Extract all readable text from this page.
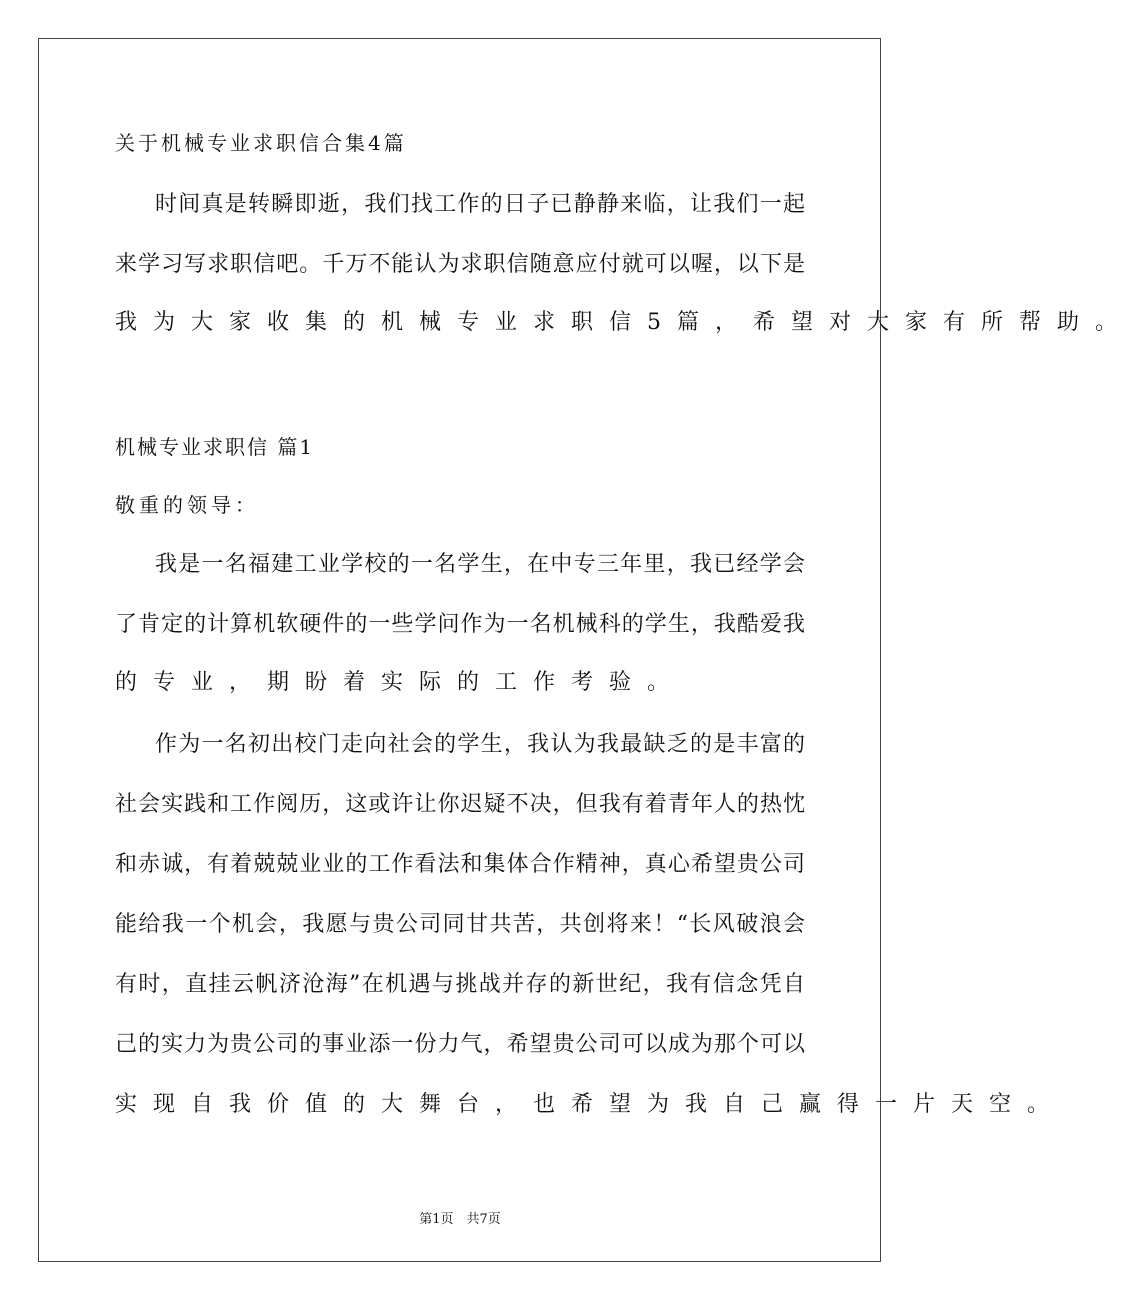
关于机械专业求职信合集4篇
时间真是转瞬即逝，我们找工作的日子已静静来临，让我们一起
来学习写求职信吧。千万不能认为求职信随意应付就可以喔，以下是
我为大家收集的机械专业求职信5篇，希望对大家有所帮助。
机械专业求职信 篇1
敬重的领导：
我是一名福建工业学校的一名学生，在中专三年里，我已经学会
了肯定的计算机软硬件的一些学问作为一名机械科的学生，我酷爱我
的专业，期盼着实际的工作考验。
作为一名初出校门走向社会的学生，我认为我最缺乏的是丰富的
社会实践和工作阅历，这或许让你迟疑不决，但我有着青年人的热忱
和赤诚，有着兢兢业业的工作看法和集体合作精神，真心希望贵公司
能给我一个机会，我愿与贵公司同甘共苦，共创将来！“长风破浪会
有时，直挂云帆济沧海”在机遇与挑战并存的新世纪，我有信念凭自
己的实力为贵公司的事业添一份力气，希望贵公司可以成为那个可以
实现自我价值的大舞台，也希望为我自己赢得一片天空。
第1页　共7页
